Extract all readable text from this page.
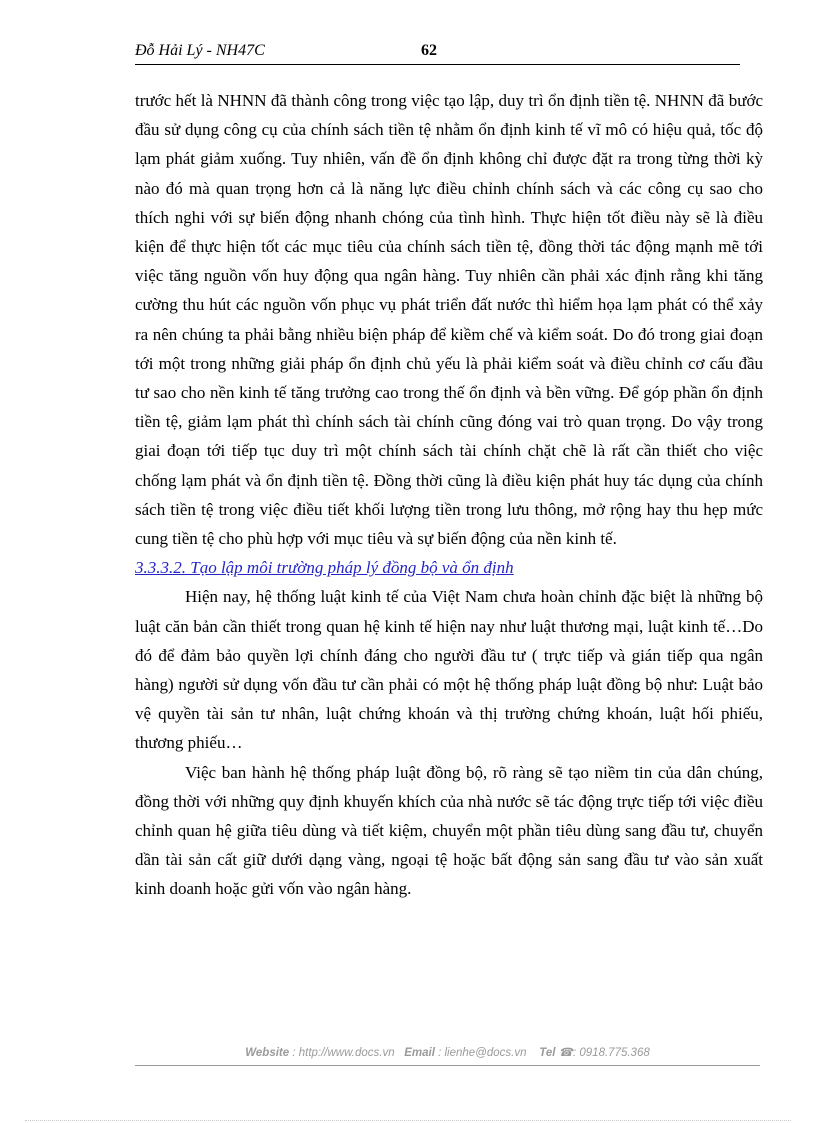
Đỗ Hải Lý - NH47C	62

trước hết là NHNN đã thành công trong việc tạo lập, duy trì ổn định tiền tệ. NHNN đã bước đầu sử dụng công cụ của chính sách tiền tệ nhằm ổn định kinh tế vĩ mô có hiệu quả, tốc độ lạm phát giảm xuống. Tuy nhiên, vấn đề ổn định không chỉ được đặt ra trong từng thời kỳ nào đó mà quan trọng hơn cả là năng lực điều chỉnh chính sách và các công cụ sao cho thích nghi với sự biến động nhanh chóng của tình hình. Thực hiện tốt điều này sẽ là điều kiện để thực hiện tốt các mục tiêu của chính sách tiền tệ, đồng thời tác động mạnh mẽ tới việc tăng nguồn vốn huy động qua ngân hàng. Tuy nhiên cần phải xác định rằng khi tăng cường thu hút các nguồn vốn phục vụ phát triển đất nước thì hiểm họa lạm phát có thể xảy ra nên chúng ta phải bằng nhiều biện pháp để kiềm chế và kiểm soát. Do đó trong giai đoạn tới một trong những giải pháp ổn định chủ yếu là phải kiểm soát và điều chỉnh cơ cấu đầu tư sao cho nền kinh tế tăng trưởng cao trong thế ổn định và bền vững. Để góp phần ổn định tiền tệ, giảm lạm phát thì chính sách tài chính cũng đóng vai trò quan trọng. Do vậy trong giai đoạn tới tiếp tục duy trì một chính sách tài chính chặt chẽ là rất cần thiết cho việc chống lạm phát và ổn định tiền tệ. Đồng thời cũng là điều kiện phát huy tác dụng của chính sách tiền tệ trong việc điều tiết khối lượng tiền trong lưu thông, mở rộng hay thu hẹp mức cung tiền tệ cho phù hợp với mục tiêu và sự biến động của nền kinh tế.

3.3.3.2. Tạo lập môi trường pháp lý đồng bộ và ổn định

Hiện nay, hệ thống luật kinh tế của Việt Nam chưa hoàn chỉnh đặc biệt là những bộ luật căn bản cần thiết trong quan hệ kinh tế hiện nay như luật thương mại, luật kinh tế…Do đó để đảm bảo quyền lợi chính đáng cho người đầu tư ( trực tiếp và gián tiếp qua ngân hàng) người sử dụng vốn đầu tư cần phải có một hệ thống pháp luật đồng bộ như: Luật bảo vệ quyền tài sản tư nhân, luật chứng khoán và thị trường chứng khoán, luật hối phiếu, thương phiếu…

Việc ban hành hệ thống pháp luật đồng bộ, rõ ràng sẽ tạo niềm tin của dân chúng, đồng thời với những quy định khuyến khích của nhà nước sẽ tác động trực tiếp tới việc điều chỉnh quan hệ giữa tiêu dùng và tiết kiệm, chuyển một phần tiêu dùng sang đầu tư, chuyển dần tài sản cất giữ dưới dạng vàng, ngoại tệ hoặc bất động sản sang đầu tư vào sản xuất kinh doanh hoặc gửi vốn vào ngân hàng.

Website : http://www.docs.vn Email : lienhe@docs.vn Tel ☎: 0918.775.368
